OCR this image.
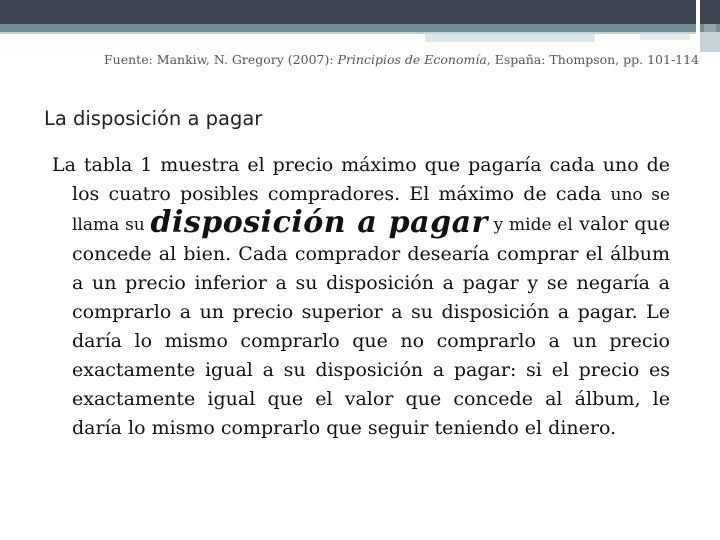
Fuente: Mankiw, N. Gregory (2007): Principios de Economía, España: Thompson, pp. 101-114
La disposición a pagar
La tabla 1 muestra el precio máximo que pagaría cada uno de los cuatro posibles compradores. El máximo de cada uno se llama su disposición a pagar y mide el valor que concede al bien. Cada comprador desearía comprar el álbum a un precio inferior a su disposición a pagar y se negaría a comprarlo a un precio superior a su disposición a pagar. Le daría lo mismo comprarlo que no comprarlo a un precio exactamente igual a su disposición a pagar: si el precio es exactamente igual que el valor que concede al álbum, le daría lo mismo comprarlo que seguir teniendo el dinero.
